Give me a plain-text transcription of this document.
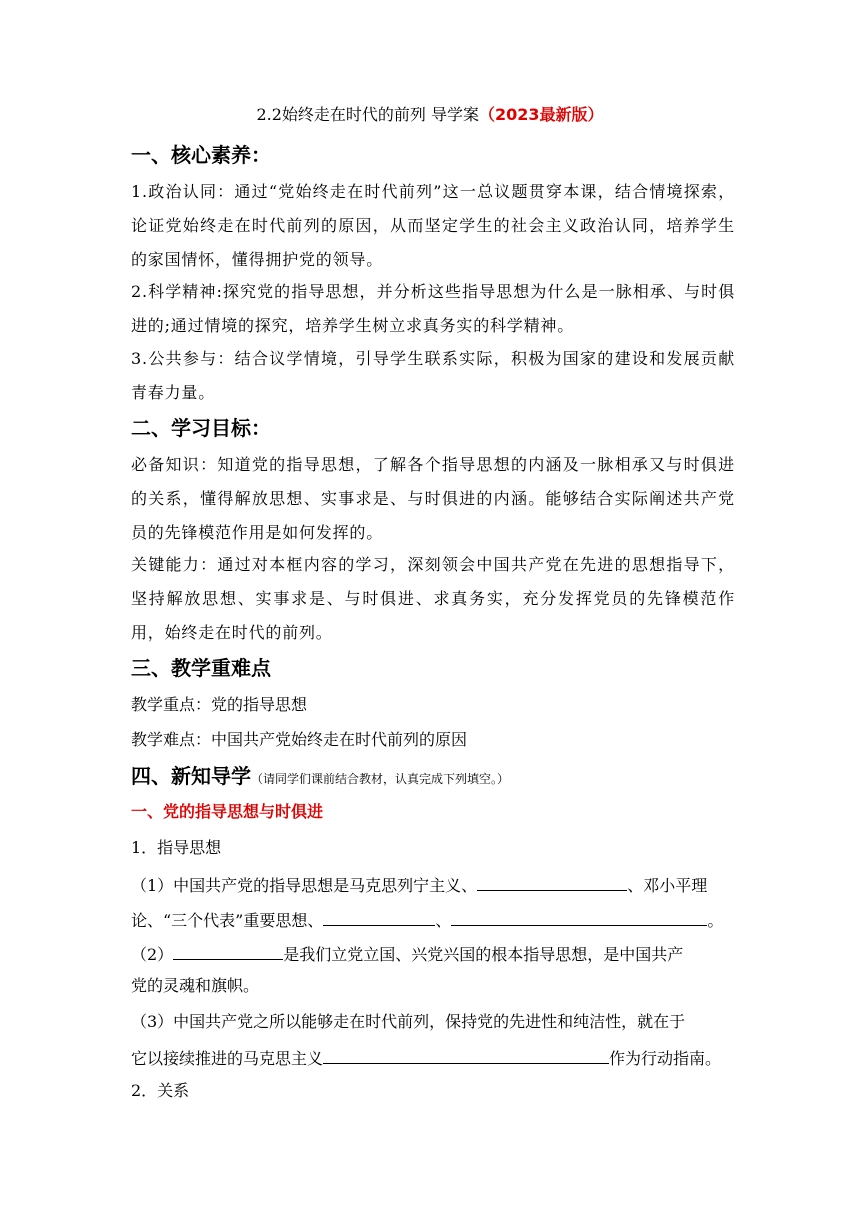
2.2始终走在时代的前列 导学案（2023最新版）
一、核心素养：
1.政治认同：通过“党始终走在时代前列”这一总议题贯穿本课，结合情境探索，论证党始终走在时代前列的原因，从而坚定学生的社会主义政治认同，培养学生的家国情怀，懂得拥护党的领导。
2.科学精神:探究党的指导思想，并分析这些指导思想为什么是一脉相承、与时俱进的;通过情境的探究，培养学生树立求真务实的科学精神。
3.公共参与：结合议学情境，引导学生联系实际，积极为国家的建设和发展贡献青春力量。
二、学习目标：
必备知识：知道党的指导思想，了解各个指导思想的内涵及一脉相承又与时俱进的关系，懂得解放思想、实事求是、与时俱进的内涵。能够结合实际阐述共产党员的先锋模范作用是如何发挥的。
关键能力：通过对本框内容的学习，深刻领会中国共产党在先进的思想指导下，坚持解放思想、实事求是、与时俱进、求真务实，充分发挥党员的先锋模范作用，始终走在时代的前列。
三、教学重难点
教学重点：党的指导思想
教学难点：中国共产党始终走在时代前列的原因
四、新知导学（请同学们课前结合教材，认真完成下列填空。）
一、党的指导思想与时俱进
1．指导思想
（1）中国共产党的指导思想是马克思列宁主义、	、邓小平理
论、“三个代表”重要思想、	、	。
（2）	是我们立党立国、兴党兴国的根本指导思想，是中国共产
党的灵魂和旗帜。
（3）中国共产党之所以能够走在时代前列，保持党的先进性和纯洁性，就在于
它以接续推进的马克思主义	作为行动指南。
2．关系
